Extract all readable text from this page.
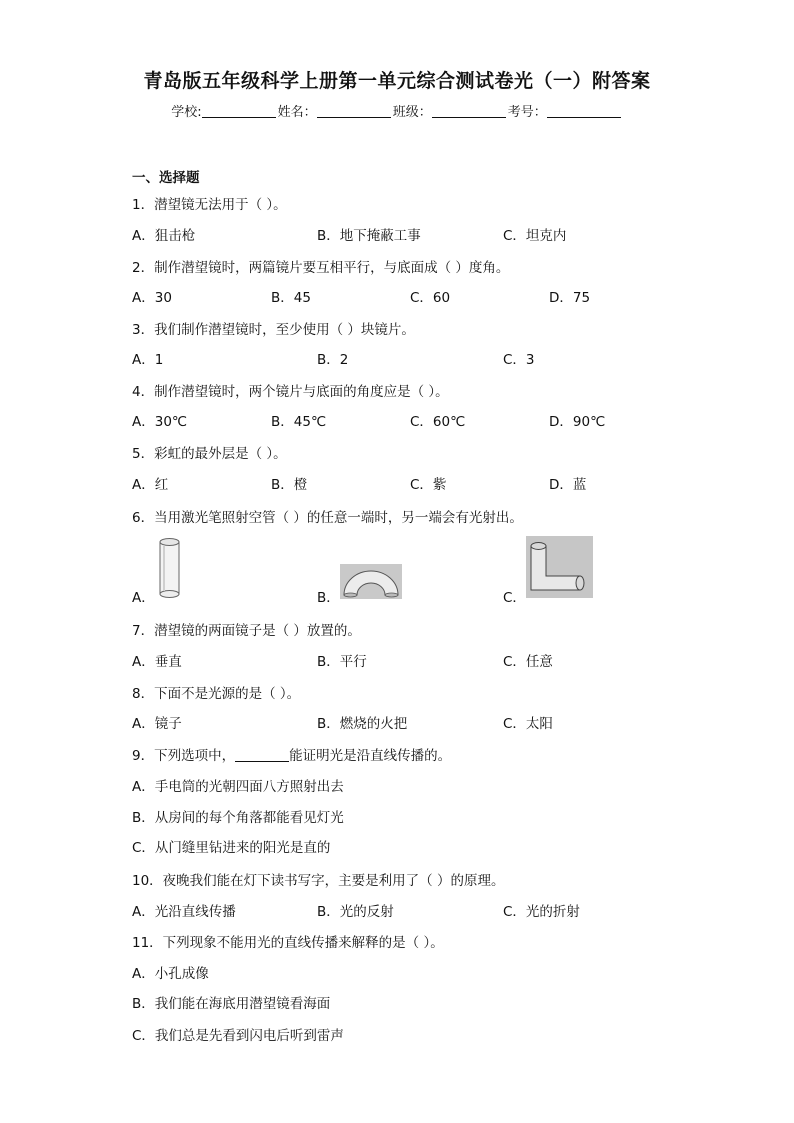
青岛版五年级科学上册第一单元综合测试卷光（一）附答案
学校:	姓名：	班级：	考号：
一、选择题
1．潜望镜无法用于（ ）。
A．狙击枪	B．地下掩蔽工事	C．坦克内
2．制作潜望镜时，两篇镜片要互相平行，与底面成（ ）度角。
A．30	B．45	C．60	D．75
3．我们制作潜望镜时，至少使用（ ）块镜片。
A．1	B．2	C．3
4．制作潜望镜时，两个镜片与底面的角度应是（ ）。
A．30℃	B．45℃	C．60℃	D．90℃
5．彩虹的最外层是（ ）。
A．红	B．橙	C．紫	D．蓝
6．当用激光笔照射空管（ ）的任意一端时，另一端会有光射出。
A．	B．	C．
7．潜望镜的两面镜子是（ ）放置的。
A．垂直	B．平行	C．任意
8．下面不是光源的是（ ）。
A．镜子	B．燃烧的火把	C．太阳
9．下列选项中，	能证明光是沿直线传播的。
A．手电筒的光朝四面八方照射出去
B．从房间的每个角落都能看见灯光
C．从门缝里钻进来的阳光是直的
10．夜晚我们能在灯下读书写字，主要是利用了（ ）的原理。
A．光沿直线传播	B．光的反射	C．光的折射
11．下列现象不能用光的直线传播来解释的是（ ）。
A．小孔成像
B．我们能在海底用潜望镜看海面
C．我们总是先看到闪电后听到雷声
